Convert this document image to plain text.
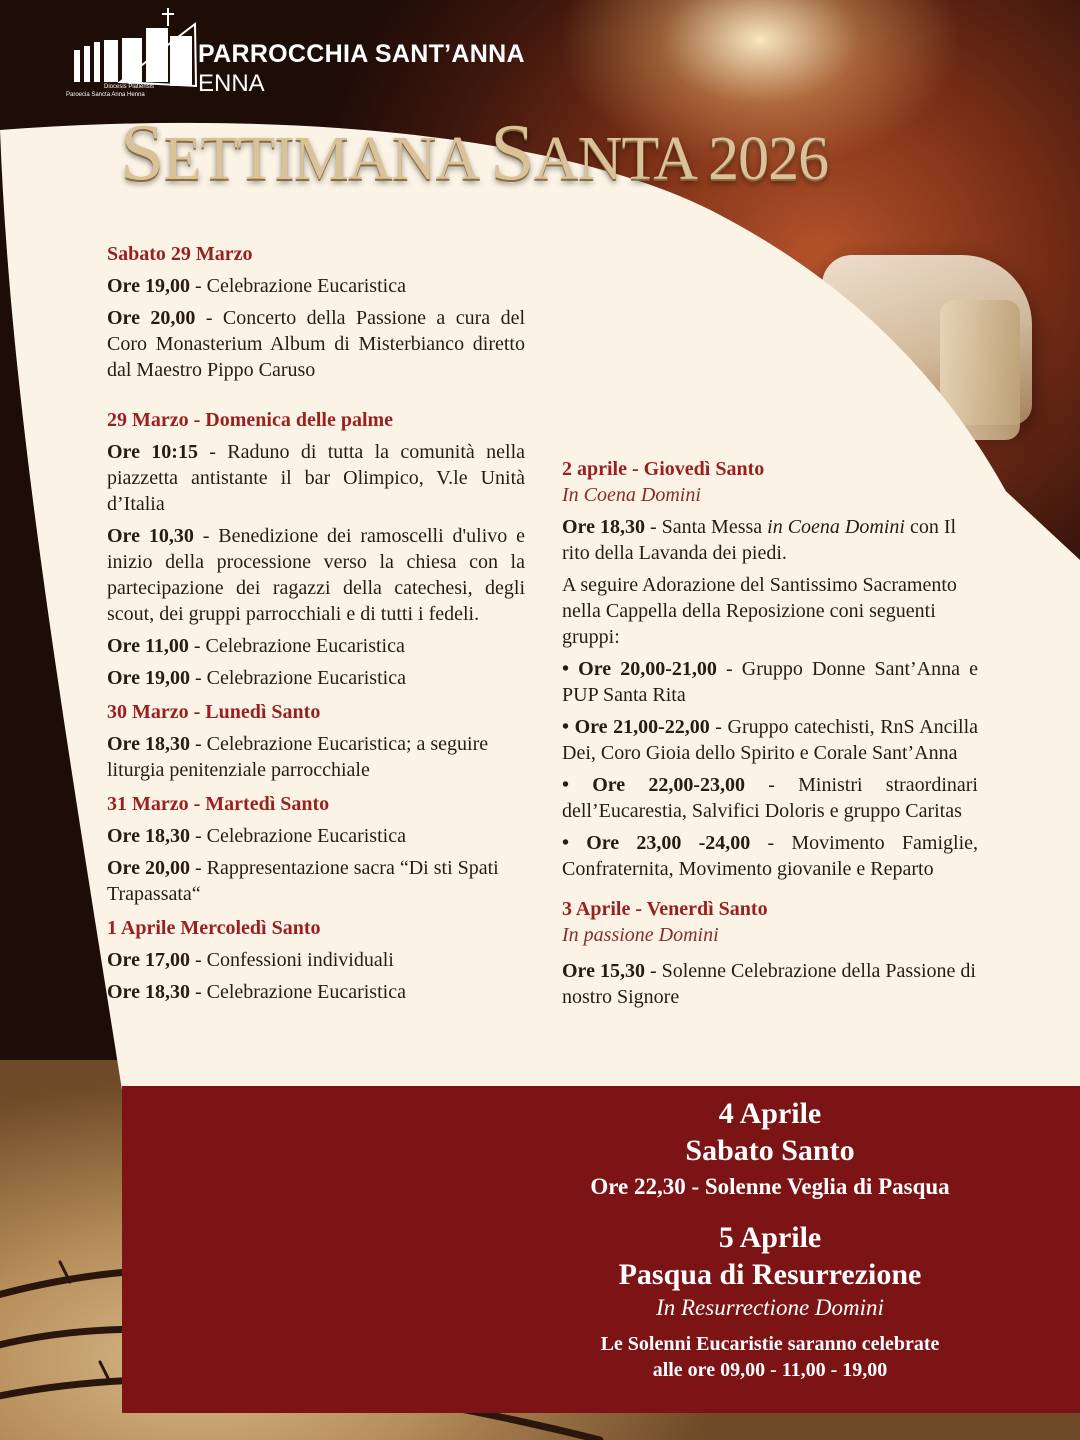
PARROCCHIA SANT’ANNA
ENNA
Diocesis Platiensis
Paroecia Sancta Anna Henna
SETTIMANA SANTA 2026

Sabato 29 Marzo

Ore 19,00 - Celebrazione Eucaristica

Ore 20,00 - Concerto della Passione a cura del Coro Monasterium Album di Misterbianco diretto dal Maestro Pippo Caruso

29 Marzo - Domenica delle palme

Ore 10:15 - Raduno di tutta la comunità nella piazzetta antistante il bar Olimpico, V.le Unità d’Italia

Ore 10,30 - Benedizione dei ramoscelli d'ulivo e inizio della processione verso la chiesa con la partecipazione dei ragazzi della catechesi, degli scout, dei gruppi parrocchiali e di tutti i fedeli.

Ore 11,00 - Celebrazione Eucaristica

Ore 19,00 - Celebrazione Eucaristica

30 Marzo - Lunedì Santo

Ore 18,30 - Celebrazione Eucaristica; a seguire liturgia penitenziale parrocchiale

31 Marzo - Martedì Santo

Ore 18,30 - Celebrazione Eucaristica

Ore 20,00 - Rappresentazione sacra “Di sti Spati Trapassata“

1 Aprile Mercoledì Santo

Ore 17,00 - Confessioni individuali

Ore 18,30 - Celebrazione Eucaristica

2 aprile - Giovedì Santo

In Coena Domini

Ore 18,30 - Santa Messa in Coena Domini con Il rito della Lavanda dei piedi.

A seguire Adorazione del Santissimo Sacramento nella Cappella della Reposizione coni seguenti gruppi:

• Ore 20,00-21,00 - Gruppo Donne Sant’Anna e PUP Santa Rita

• Ore 21,00-22,00 - Gruppo catechisti, RnS Ancilla Dei, Coro Gioia dello Spirito e Corale Sant’Anna

• Ore 22,00-23,00 - Ministri straordinari dell’Eucarestia, Salvifici Doloris e gruppo Caritas

• Ore 23,00 -24,00 - Movimento Famiglie, Confraternita, Movimento giovanile e Reparto

3 Aprile - Venerdì Santo

In passione Domini

Ore 15,30 - Solenne Celebrazione della Passione di nostro Signore

4 Aprile
Sabato Santo
Ore 22,30 - Solenne Veglia di Pasqua
5 Aprile
Pasqua di Resurrezione
In Resurrectione Domini
Le Solenni Eucaristie saranno celebrate
alle ore 09,00 - 11,00 - 19,00
